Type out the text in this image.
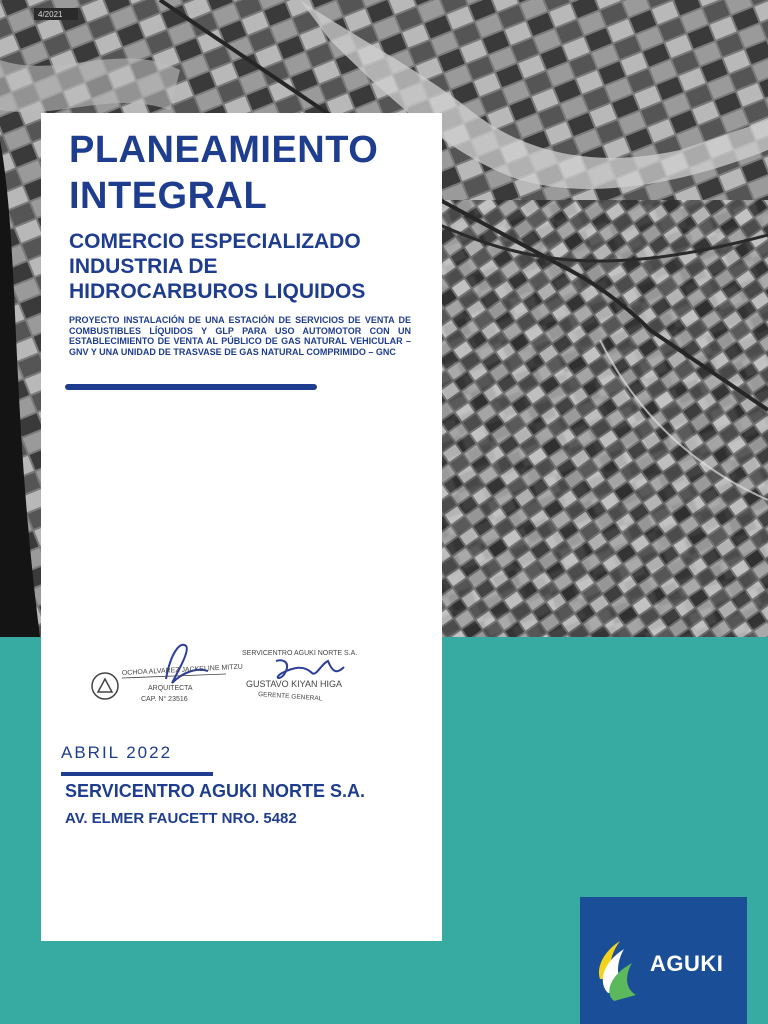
4/2021
PLANEAMIENTO
INTEGRAL
COMERCIO ESPECIALIZADO
INDUSTRIA DE
HIDROCARBUROS LIQUIDOS

PROYECTO INSTALACIÓN DE UNA ESTACIÓN DE SERVICIOS DE VENTA DE COMBUSTIBLES LÍQUIDOS Y GLP PARA USO AUTOMOTOR CON UN ESTABLECIMIENTO DE VENTA AL PÚBLICO DE GAS NATURAL VEHICULAR – GNV Y UNA UNIDAD DE TRASVASE DE GAS NATURAL COMPRIMIDO – GNC

OCHOA ALVAREZ JACKELINE MITZU
ARQUITECTA
CAP. N° 23516
SERVICENTRO AGUKI NORTE S.A.
GUSTAVO KIYAN HIGA
GERENTE GENERAL
ABRIL 2022
SERVICENTRO AGUKI NORTE S.A.
AV. ELMER FAUCETT NRO. 5482
AGUKI
